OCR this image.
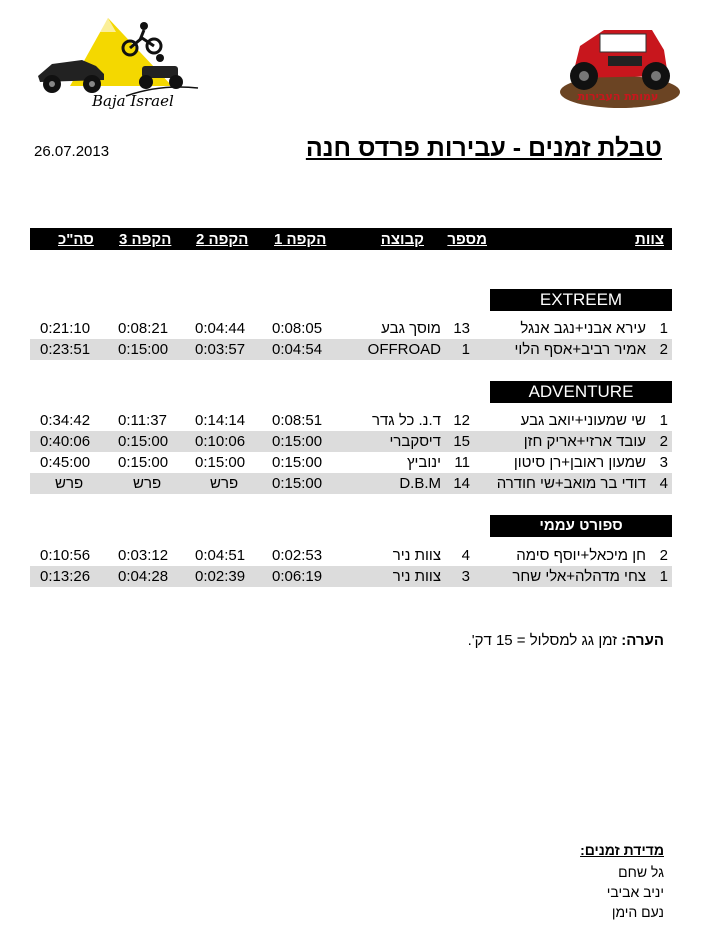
Baja Israel	עמותת העבירות
26.07.2013	טבלת זמנים - עבירות פרדס חנה
צוות
מספר
קבוצה
הקפה 1
הקפה 2
הקפה 3
סה"כ
EXTREEM
1
עירא אבני+נגב אנגל
13
מוסך גבע
0:08:05
0:04:44
0:08:21
0:21:10
2
אמיר רביב+אסף הלוי
1
OFFROAD
0:04:54
0:03:57
0:15:00
0:23:51
ADVENTURE
1
שי שמעוני+יואב גבע
12
ד.נ. כל גדר
0:08:51
0:14:14
0:11:37
0:34:42
2
עובד ארזי+אריק חזן
15
דיסקברי
0:15:00
0:10:06
0:15:00
0:40:06
3
שמעון ראובן+רן סיטון
11
ינוביץ
0:15:00
0:15:00
0:15:00
0:45:00
4
דודי בר מואב+שי חודרה
14
D.B.M
0:15:00
פרש
פרש
פרש
ספורט עממי
2
חן מיכאל+יוסף סימה
4
צוות ניר
0:02:53
0:04:51
0:03:12
0:10:56
1
צחי מדהלה+אלי שחר
3
צוות ניר
0:06:19
0:02:39
0:04:28
0:13:26
הערה: זמן גג למסלול = 15 דק'.
מדידת זמנים:
גל שחם
יניב אביבי
נעם הימן
